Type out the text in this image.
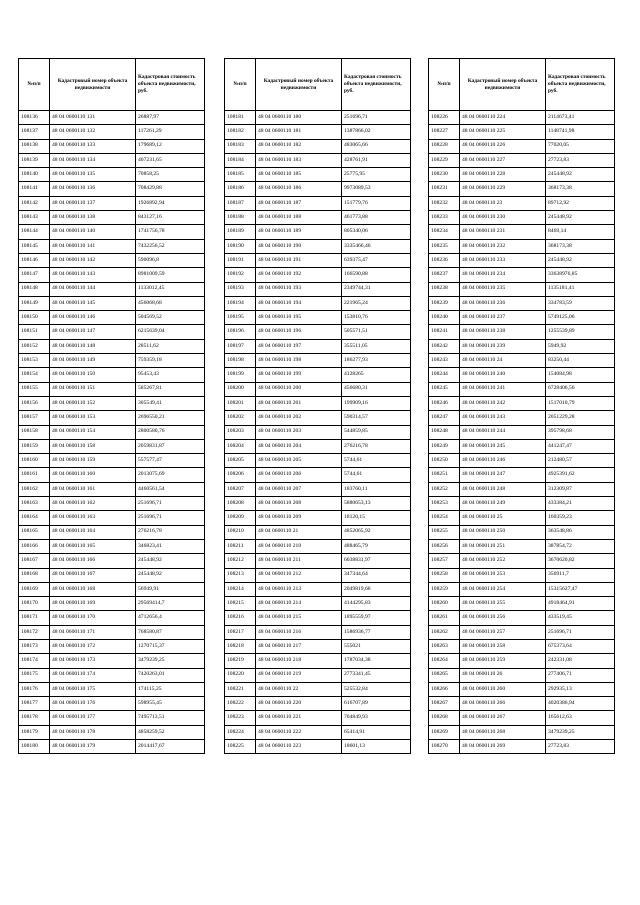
№п/п	Кадастровый номер объекта недвижимости	Кадастровая стоимость объекта недвижимости, руб.
108136	48 04 0600110 131	26887,97
108137	48 04 0600110 132	117261,29
108138	48 04 0600110 133	179689,12
108139	48 04 0600110 134	407231,65
108140	48 04 0600110 135	70858,25
108141	48 04 0600110 136	708429,88
108142	48 04 0600110 137	1926892,94
108143	48 04 0600110 138	843127,16
108144	48 04 0600110 140	1741756,78
108145	48 04 0600110 141	7432256,52
108146	48 04 0600110 142	590096,8
108147	48 04 0600110 143	8981009,59
108148	48 04 0600110 144	1133012,45
108149	48 04 0600110 145	456068,68
108150	48 04 0600110 146	504569,52
108151	48 04 0600110 147	6215639,04
108152	48 04 0600110 148	28511,62
108153	48 04 0600110 149	759359,18
108154	48 04 0600110 150	95453,43
108155	48 04 0600110 151	585267,81
108156	48 04 0600110 152	305549,41
108157	48 04 0600110 153	2696550,21
108158	48 04 0600110 154	2800580,76
108159	48 04 0600110 158	2059831,87
108160	48 04 0600110 159	557577,47
108161	48 04 0600110 160	2013075,69
108162	48 04 0600110 161	4460561,54
108163	48 04 0600110 162	251696,71
108164	48 04 0600110 163	251696,71
108165	48 04 0600110 164	276216,78
108166	48 04 0600110 165	346823,41
108167	48 04 0600110 166	245448,92
108168	48 04 0600110 167	245448,92
108169	48 04 0600110 168	56949,91
108170	48 04 0600110 169	29569414,7
108171	48 04 0600110 170	4712656,4
108172	48 04 0600110 171	768580,87
108173	48 04 0600110 172	1270715,37
108174	48 04 0600110 173	3479239,25
108175	48 04 0600110 174	7420263,01
108176	48 04 0600110 175	174115,25
108177	48 04 0600110 176	598955,45
108178	48 04 0600110 177	7495713,51
108179	48 04 0600110 178	4858259,52
108180	48 04 0600110 179	2014417,67
№п/п	Кадастровый номер объекта недвижимости	Кадастровая стоимость объекта недвижимости, руб.
108181	48 04 0600110 180	251696,71
108182	48 04 0600110 181	1387866,02
108183	48 04 0600110 182	483065,66
108184	48 04 0600110 183	428761,91
108185	48 04 0600110 185	25775,95
108186	48 04 0600110 186	9973089,53
108187	48 04 0600110 187	151779,76
108188	48 04 0600110 188	461773,88
108189	48 04 0600110 189	805340,06
108190	48 04 0600110 190	3335466,46
108191	48 04 0600110 191	639375,47
108192	48 04 0600110 192	166590,88
108193	48 04 0600110 193	2349744,31
108194	48 04 0600110 194	221965,24
108195	48 04 0600110 195	153810,76
108196	48 04 0600110 196	505571,51
108197	48 04 0600110 197	355511,05
108198	48 04 0600110 198	186277,93
108199	48 04 0600110 199	4128265
108200	48 04 0600110 200	456680,31
108201	48 04 0600110 201	199909,16
108202	48 04 0600110 202	590314,57
108203	48 04 0600110 203	544859,85
108204	48 04 0600110 204	276216,78
108205	48 04 0600110 205	5744,61
108206	48 04 0600110 206	5744,61
108207	48 04 0600110 207	183760,11
108208	48 04 0600110 208	5880653,13
108209	48 04 0600110 209	18120,15
108210	48 04 0600110 21	4852065,92
108211	48 04 0600110 210	488465,79
108212	48 04 0600110 211	6038831,97
108213	48 04 0600110 212	347344,64
108214	48 04 0600110 213	2049819,66
108215	48 04 0600110 214	4144295,83
108216	48 04 0600110 215	1895559,97
108217	48 04 0600110 216	1586936,77
108218	48 04 0600110 217	555021
108219	48 04 0600110 218	1787034,38
108220	48 04 0600110 219	2773341,45
108221	48 04 0600110 22	525532,84
108222	48 04 0600110 220	616707,89
108223	48 04 0600110 221	704849,93
108224	48 04 0600110 222	65414,91
108225	48 04 0600110 223	18601,13
№п/п	Кадастровый номер объекта недвижимости	Кадастровая стоимость объекта недвижимости, руб.
108226	48 04 0600110 224	2114673,41
108227	48 04 0600110 225	1148741,98
108228	48 04 0600110 226	77020,05
108229	48 04 0600110 227	27723,83
108230	48 04 0600110 228	245448,92
108231	48 04 0600110 229	368173,38
108232	48 04 0600110 23	89712,92
108233	48 04 0600110 230	245448,92
108234	48 04 0600110 231	8469,14
108235	48 04 0600110 232	368173,38
108236	48 04 0600110 233	245448,92
108237	48 04 0600110 234	33638976,85
108238	48 04 0600110 235	1135181,41
108239	48 04 0600110 236	334783,59
108240	48 04 0600110 237	5749125,06
108241	48 04 0600110 238	1255539,89
108242	48 04 0600110 239	5949,92
108243	48 04 0600110 24	83250,44
108244	48 04 0600110 240	154084,98
108245	48 04 0600110 241	6728406,56
108246	48 04 0600110 242	1517010,79
108247	48 04 0600110 243	2051229,28
108248	48 04 0600110 244	395798,68
108249	48 04 0600110 245	441247,47
108250	48 04 0600110 246	212480,57
108251	48 04 0600110 247	4925391,62
108252	48 04 0600110 248	312309,87
108253	48 04 0600110 249	433384,21
108254	48 04 0600110 25	160359,23
108255	48 04 0600110 250	363548,86
108256	48 04 0600110 251	387854,72
108257	48 04 0600110 252	3670620,82
108258	48 04 0600110 253	356911,7
108259	48 04 0600110 254	15315627,47
108260	48 04 0600110 255	4918464,91
108261	48 04 0600110 256	433519,45
108262	48 04 0600110 257	251696,71
108263	48 04 0600110 258	675373,64
108264	48 04 0600110 259	242331,08
108265	48 04 0600110 26	277406,71
108266	48 04 0600110 260	292935,13
108267	48 04 0600110 266	4020386,94
108268	48 04 0600110 267	165612,63
108269	48 04 0600110 268	3479239,25
108270	48 04 0600110 269	27723,83
